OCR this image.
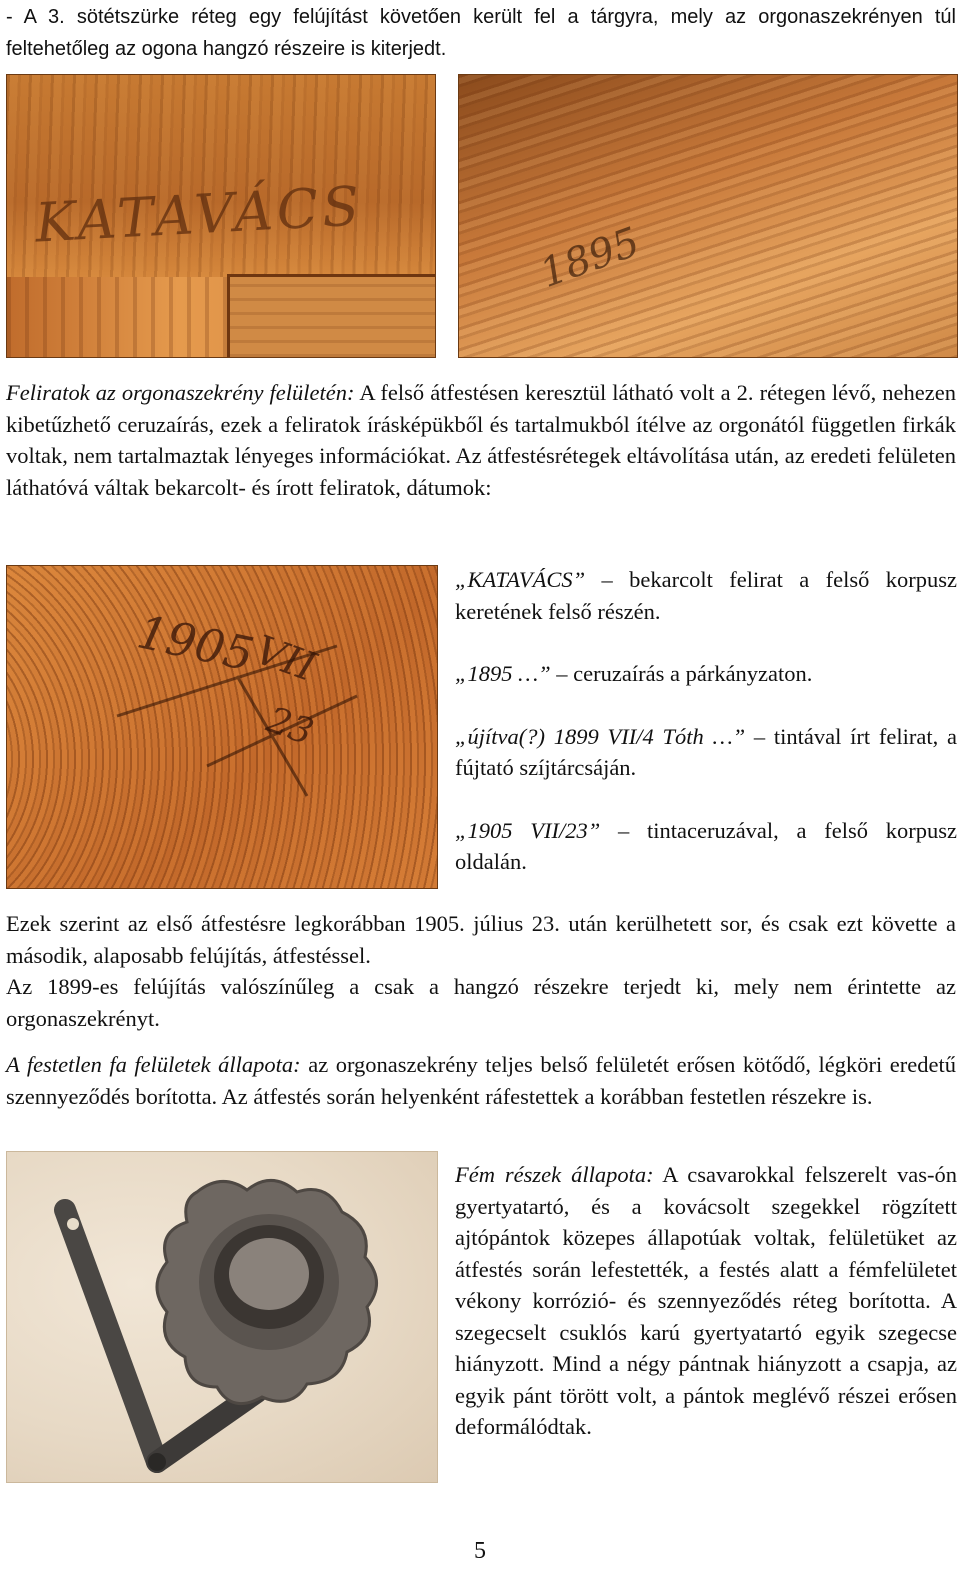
- A 3. sötétszürke réteg egy felújítást követően került fel a tárgyra, mely az orgonaszekrényen túl feltehetőleg az ogona hangzó részeire is kiterjedt.

KATAVÁCS
1895

Feliratok az orgonaszekrény felületén: A felső átfestésen keresztül látható volt a 2. rétegen lévő, nehezen kibetűzhető ceruzaírás, ezek a feliratok írásképükből és tartalmukból ítélve az orgonától független firkák voltak, nem tartalmaztak lényeges információkat. Az átfestésrétegek eltávolítása után, az eredeti felületen láthatóvá váltak bekarcolt- és írott feliratok, dátumok:

1905
VII
23

„KATAVÁCS” – bekarcolt felirat a felső korpusz keretének felső részén.

„1895 …” – ceruzaírás a párkányzaton.

„újítva(?) 1899 VII/4 Tóth …” – tintával írt felirat, a fújtató szíjtárcsáján.

„1905 VII/23” – tintaceruzával, a felső korpusz oldalán.

Ezek szerint az első átfestésre legkorábban 1905. július 23. után kerülhetett sor, és csak ezt követte a második, alaposabb felújítás, átfestéssel.

Az 1899-es felújítás valószínűleg a csak a hangzó részekre terjedt ki, mely nem érintette az orgonaszekrényt.

A festetlen fa felületek állapota: az orgonaszekrény teljes belső felületét erősen kötődő, légköri eredetű szennyeződés borította. Az átfestés során helyenként ráfestettek a korábban festetlen részekre is.

Fém részek állapota: A csavarokkal felszerelt vas-ón gyertyatartó, és a kovácsolt szegekkel rögzített ajtópántok közepes állapotúak voltak, felületüket az átfestés során lefestették, a festés alatt a fémfelületet vékony korrózió- és szennyeződés réteg borította. A szegecselt csuklós karú gyertyatartó egyik szegecse hiányzott. Mind a négy pántnak hiányzott a csapja, az egyik pánt törött volt, a pántok meglévő részei erősen deformálódtak.

5
